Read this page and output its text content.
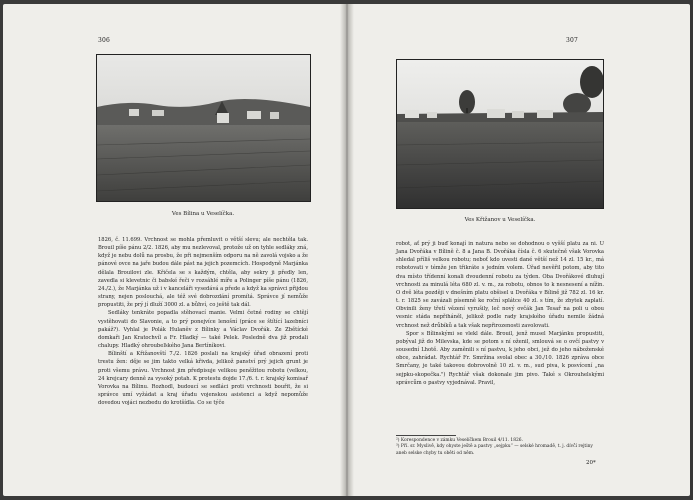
306
Ves Bílina u Veselíčka.

1826, č. 11.699. Vrchnost se mohla přemluvit o větší slevu; ale nechtěla tak. Brouil píše pánu 2/2. 1826, aby mu nezlevoval, protože už on tyhle sedláky zná, když je nebu dolů na prosbu, že při nejmenším odporu na ně zavolá vojsko a že pánové ovce na jaře budou dále pást na jejich pozemcích. Hospodyně Marjánka dělala Brouilovi zle. Křičela se s každým, chtěla, aby sekry ji předly len, zavedla si klevetnic či babské řeči v rozsáhlé míře a Polinger píše pánu (1826, 24./2.), že Marjánka už i v kanceláři vysedává a přede a když ka správci přijdou strany, nejen poslouchá, ale též své dobrozdání promítá. Správce jí nemůže propustiti, že prý jí dluží 3000 zl. a bůhví, co ještě tak dál.

Sedláky tenkráte popadla stěhovací manie. Velmi četné rodiny se chtějí vystěhovati do Slavonie, a to prý ponejvíce lenošní (práce se štítící lazebníci pakáž?). Vyhlal je Polák Hulaněv z Bílinky a Václav Dvořák. Ze Zbětícké domkaři Jan Kratochvíl a Fr. Hladký — také Pelek. Posledně dva již prodali chalupy. Hladký ohroubeľského Jana Bertíníkovi.

Bílinští a Křižanovští 7./2. 1826 poslali na krajský úřad obrazení proti trestu žen: děje se jim takto velká křivda, jelikož panství prý jejich grunt je proti všemu právu. Vrchnost jim předpisuje velikou peněžitou robotu (velkou, 24 krejcary denně za vysoký potah. K protestu dojde 17./6. t. r. krajský komisař Vorovka na Bílinu. Rozhodl, budoucí se sedláci proti vrchnosti bouřit, že si správce umí vyžádat a kraj úřadu vojenskou asistenci a když nepomůže dovedou vojáci nezbedu do krotšídla. Co se týče

307
Ves Křižanov u Veselíčka.

robot, ať prý ji buď konají in natura nebo se dohodnou o vyšší platu za ni. U Jana Dvořáka v Bílině č. 8 a Jana B. Dvořáka čísla č. 6 skutečně však Vorovka shledal příliš velkou robotu; neboť kdo uvesti dané větší než 14 zl. 15 kr., má robotovati v témže jen třikráte s jedním volem. Úřad nevěřil potom, aby tito dva místo třídenní konali dvoudenní robotu za týden. Oba Dvořákové dluhují vrchnosti za minulá léta 680 zl. v. m., za robotu, obnos to k nesnesení a nížin. O dvě léta později v dnešním platu obšisel u Dvořáka v Bílině již 782 zl. 16 kr. t. r. 1825 se zavázali písemně ke roční splátce 40 zl. s tím, že zbytek zaplatí. Obvinili ženy třetí vězení vyrušily, leč nový ovčák Jan Tesař na poli u obou vesnic stáda nepřiháněl, jelikož podle rady krajského úřadu nemile žádná vrchnost než drůbíků a tak však nepřirozenosti zavolovati.

Spor s Bílinskými se vlekl dále. Brouil, jenž musel Marjánku propustiti, pobýval již do Milevska, kde se potom s ní oženil, smlouvá se o ovčí pastvy v sousední Lhotě. Aby zaměnili s ní pastvu, k jeho obci, jež do jeho náboženské obce, zahrádat. Rychtář Fr. Smržina svolal obec a 30./10. 1826 zpráva obce Smrčany, je také takovou dobrovolně 10 zl. v. m., sud piva, k posvícení „na sejpku-skopečka.") Rychtář však dokonale jim pivo. Také s Okrouhelskými správcům o pastvy vyjednával. Pravil,

²) Korespondence v zámku Veselíčkem Brouil 4/11. 1826.
³) Pří. sr. Myslivě, kdy ohyste ještě a pastvy „sejpku“ — selské hromadě, t. j. dívčí rejtiny aneb selske chyby tu oběti od něm.
20*
